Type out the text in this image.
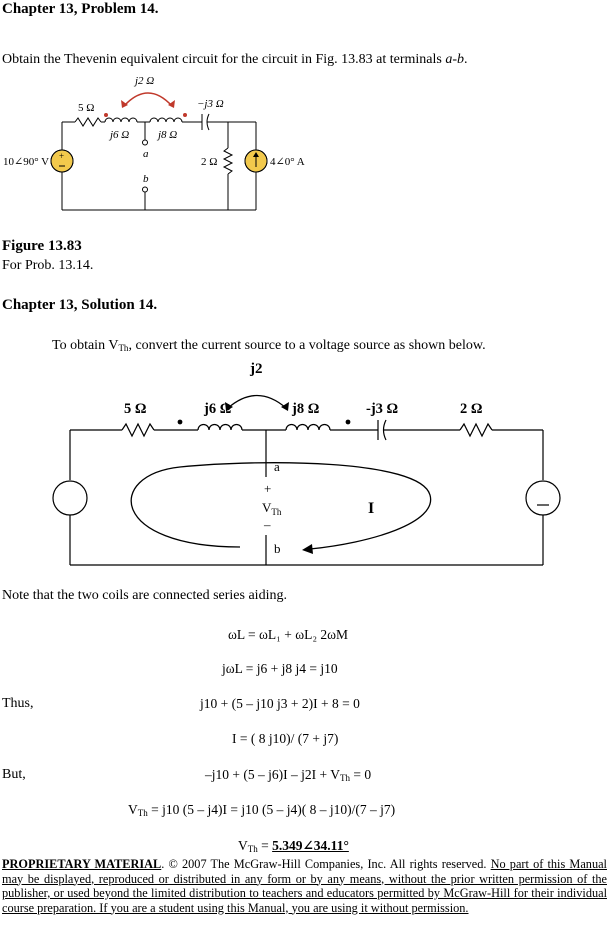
Chapter 13, Problem 14.
Obtain the Thevenin equivalent circuit for the circuit in Fig. 13.83 at terminals a-b.
+
j2 Ω
5 Ω
j6 Ω	j8 Ω
−j3 Ω
10∠90° V	2 Ω	4∠0° A
a
b
Figure 13.83
For Prob. 13.14.
Chapter 13, Solution 14.
To obtain $V_{Th}$, convert the current source to a voltage source as shown below.
j2
5 Ω	j6 Ω	j8 Ω	-j3 Ω	2 Ω
a
+
$V_{Th}$
–
b
I
Note that the two coils are connected series aiding.
ωL = ωL₁ + ωL₂ 2ωM
jωL = j6 + j8 j4 = j10
Thus,	j10 + (5 – j10 j3 + 2)I + 8 = 0
I = ( 8 j10)/ (7 + j7)
But,	$-j10 + (5 - j6)I - j2I + V_{Th} = 0$
$V_{Th} = j10$ (5 – j4)I = j10 (5 – j4)( 8 – j10)/(7 – j7)
$V_{Th}$ = 5.349∠34.11°
PROPRIETARY MATERIAL. © 2007 The McGraw-Hill Companies, Inc. All rights reserved. No part of this Manual may be displayed, reproduced or distributed in any form or by any means, without the prior written permission of the publisher, or used beyond the limited distribution to teachers and educators permitted by McGraw-Hill for their individual course preparation. If you are a student using this Manual, you are using it without permission.
